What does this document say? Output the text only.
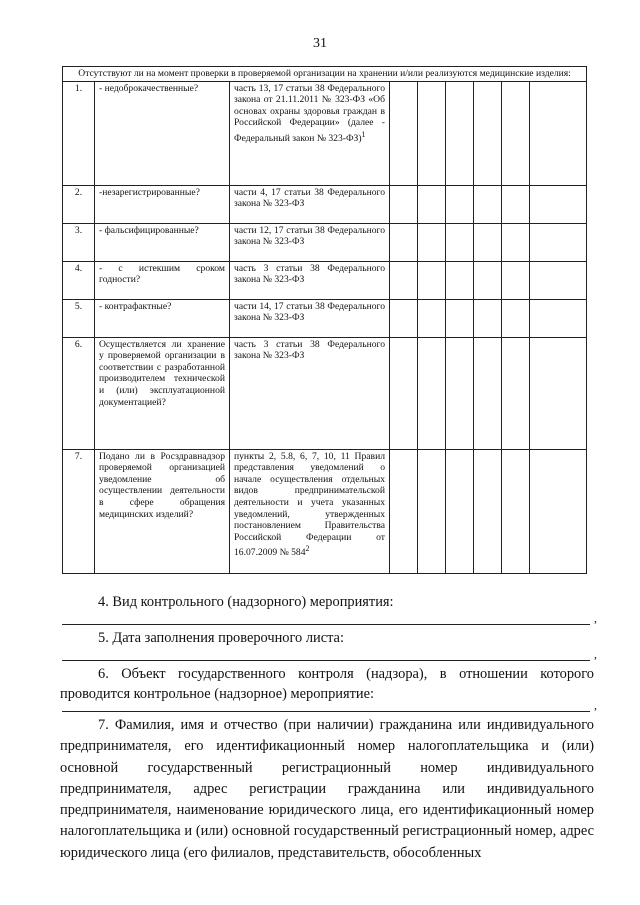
31
Отсутствуют ли на момент проверки в проверяемой организации на хранении и/или реализуются медицинские изделия:								
1.	- недоброкачественные?	часть 13, 17 статьи 38 Федерального закона от 21.11.2011 № 323-ФЗ «Об основах охраны здоровья граждан в Российской Федерации» (далее - Федеральный закон № 323-ФЗ)$^1$						
2.	-незарегистрированные?	части 4, 17 статьи 38 Федерального закона № 323-ФЗ						
3.	- фальсифицированные?	части 12, 17 статьи 38 Федерального закона № 323-ФЗ						
4.	- с истекшим сроком годности?	часть 3 статьи 38 Федерального закона № 323-ФЗ						
5.	- контрафактные?	части 14, 17 статьи 38 Федерального закона № 323-ФЗ						
6.	Осуществляется ли хранение у проверяемой организации в соответствии с разработанной производителем технической и (или) эксплуатационной документацией?	часть 3 статьи 38 Федерального закона № 323-ФЗ						
7.	Подано ли в Росздравнадзор проверяемой организацией уведомление об осуществлении деятельности в сфере обращения медицинских изделий?	пункты 2, 5.8, 6, 7, 10, 11 Правил представления уведомлений о начале осуществления отдельных видов предпринимательской деятельности и учета указанных уведомлений, утвержденных постановлением Правительства Российской Федерации от 16.07.2009 № $584^2$						
4. Вид контрольного (надзорного) мероприятия:
,
5. Дата заполнения проверочного листа:
,
6. Объект государственного контроля (надзора), в отношении которого проводится контрольное (надзорное) мероприятие:
,
7. Фамилия, имя и отчество (при наличии) гражданина или индивидуального предпринимателя, его идентификационный номер налогоплательщика и (или) основной государственный регистрационный номер индивидуального предпринимателя, адрес регистрации гражданина или индивидуального предпринимателя, наименование юридического лица, его идентификационный номер налогоплательщика и (или) основной государственный регистрационный номер, адрес юридического лица (его филиалов, представительств, обособленных
